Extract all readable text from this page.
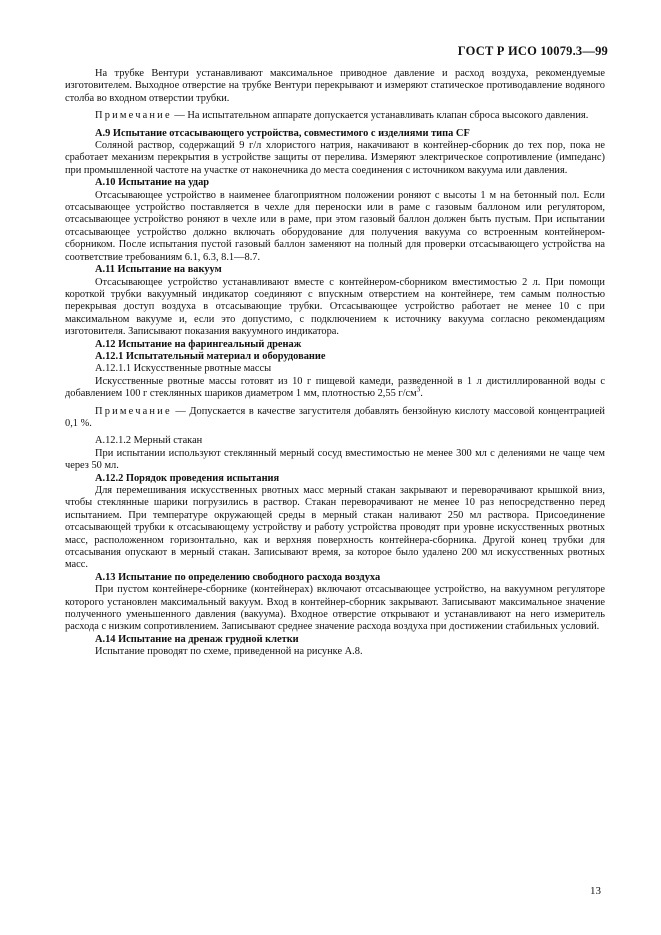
ГОСТ Р ИСО 10079.3—99

На трубке Вентури устанавливают максимальное приводное давление и расход воздуха, рекомендуемые изготовителем. Выходное отверстие на трубке Вентури перекрывают и измеряют статическое противодавление водяного столба во входном отверстии трубки.

Примечание — На испытательном аппарате допускается устанавливать клапан сброса высокого давления.

А.9 Испытание отсасывающего устройства, совместимого с изделиями типа CF

Соляной раствор, содержащий 9 г/л хлористого натрия, накачивают в контейнер-сборник до тех пор, пока не сработает механизм перекрытия в устройстве защиты от перелива. Измеряют электрическое сопротивление (импеданс) при промышленной частоте на участке от наконечника до места соединения с источником вакуума или давления.

А.10 Испытание на удар

Отсасывающее устройство в наименее благоприятном положении роняют с высоты 1 м на бетонный пол. Если отсасывающее устройство поставляется в чехле для переноски или в раме с газовым баллоном или регулятором, отсасывающее устройство роняют в чехле или в раме, при этом газовый баллон должен быть пустым. При испытании отсасывающее устройство должно включать оборудование для получения вакуума со встроенным контейнером-сборником. После испытания пустой газовый баллон заменяют на полный для проверки отсасывающего устройства на соответствие требованиям 6.1, 6.3, 8.1—8.7.

А.11 Испытание на вакуум

Отсасывающее устройство устанавливают вместе с контейнером-сборником вместимостью 2 л. При помощи короткой трубки вакуумный индикатор соединяют с впускным отверстием на контейнере, тем самым полностью перекрывая доступ воздуха в отсасывающие трубки. Отсасывающее устройство работает не менее 10 с при максимальном вакууме и, если это допустимо, с подключением к источнику вакуума согласно рекомендациям изготовителя. Записывают показания вакуумного индикатора.

А.12 Испытание на фарингеальный дренаж

А.12.1 Испытательный материал и оборудование

А.12.1.1 Искусственные рвотные массы

Искусственные рвотные массы готовят из 10 г пищевой камеди, разведенной в 1 л дистиллированной воды с добавлением 100 г стеклянных шариков диаметром 1 мм, плотностью 2,55 $г/см^3$.

Примечание — Допускается в качестве загустителя добавлять бензойную кислоту массовой концентрацией 0,1 %.

А.12.1.2 Мерный стакан

При испытании используют стеклянный мерный сосуд вместимостью не менее 300 мл с делениями не чаще чем через 50 мл.

А.12.2 Порядок проведения испытания

Для перемешивания искусственных рвотных масс мерный стакан закрывают и переворачивают крышкой вниз, чтобы стеклянные шарики погрузились в раствор. Стакан переворачивают не менее 10 раз непосредственно перед испытанием. При температуре окружающей среды в мерный стакан наливают 250 мл раствора. Присоединение отсасывающей трубки к отсасывающему устройству и работу устройства проводят при уровне искусственных рвотных масс, расположенном горизонтально, как и верхняя поверхность контейнера-сборника. Другой конец трубки для отсасывания опускают в мерный стакан. Записывают время, за которое было удалено 200 мл искусственных рвотных масс.

А.13 Испытание по определению свободного расхода воздуха

При пустом контейнере-сборнике (контейнерах) включают отсасывающее устройство, на вакуумном регуляторе которого установлен максимальный вакуум. Вход в контейнер-сборник закрывают. Записывают максимальное значение полученного уменьшенного давления (вакуума). Входное отверстие открывают и устанавливают на него измеритель расхода с низким сопротивлением. Записывают среднее значение расхода воздуха при достижении стабильных условий.

А.14 Испытание на дренаж грудной клетки

Испытание проводят по схеме, приведенной на рисунке А.8.

13
